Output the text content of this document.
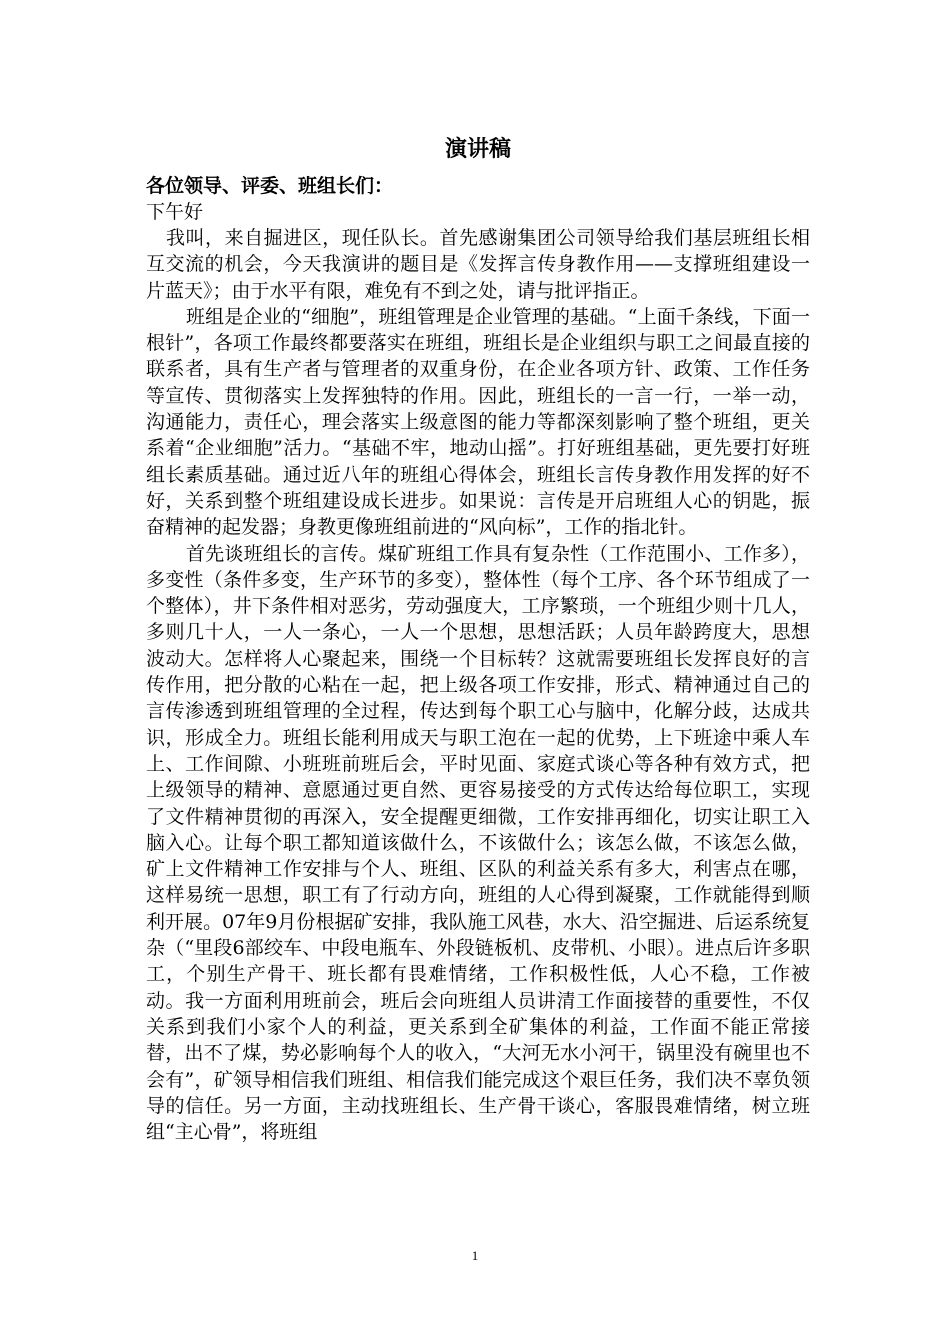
演讲稿

各位领导、评委、班组长们：

下午好

我叫，来自掘进区，现任队长。首先感谢集团公司领导给我们基层班组长相互交流的机会，今天我演讲的题目是《发挥言传身教作用——支撑班组建设一片蓝天》；由于水平有限，难免有不到之处，请与批评指正。

班组是企业的“细胞”，班组管理是企业管理的基础。“上面千条线，下面一根针”，各项工作最终都要落实在班组，班组长是企业组织与职工之间最直接的联系者，具有生产者与管理者的双重身份，在企业各项方针、政策、工作任务等宣传、贯彻落实上发挥独特的作用。因此，班组长的一言一行，一举一动，沟通能力，责任心，理会落实上级意图的能力等都深刻影响了整个班组，更关系着“企业细胞”活力。“基础不牢，地动山摇”。打好班组基础，更先要打好班组长素质基础。通过近八年的班组心得体会，班组长言传身教作用发挥的好不好，关系到整个班组建设成长进步。如果说：言传是开启班组人心的钥匙，振奋精神的起发器；身教更像班组前进的“风向标”，工作的指北针。

首先谈班组长的言传。煤矿班组工作具有复杂性（工作范围小、工作多），多变性（条件多变，生产环节的多变），整体性（每个工序、各个环节组成了一个整体），井下条件相对恶劣，劳动强度大，工序繁琐，一个班组少则十几人，多则几十人，一人一条心，一人一个思想，思想活跃；人员年龄跨度大，思想波动大。怎样将人心聚起来，围绕一个目标转？这就需要班组长发挥良好的言传作用，把分散的心粘在一起，把上级各项工作安排，形式、精神通过自己的言传渗透到班组管理的全过程，传达到每个职工心与脑中，化解分歧，达成共识，形成全力。班组长能利用成天与职工泡在一起的优势，上下班途中乘人车上、工作间隙、小班班前班后会，平时见面、家庭式谈心等各种有效方式，把上级领导的精神、意愿通过更自然、更容易接受的方式传达给每位职工，实现了文件精神贯彻的再深入，安全提醒更细微，工作安排再细化，切实让职工入脑入心。让每个职工都知道该做什么，不该做什么；该怎么做，不该怎么做，矿上文件精神工作安排与个人、班组、区队的利益关系有多大，利害点在哪，这样易统一思想，职工有了行动方向，班组的人心得到凝聚，工作就能得到顺利开展。07年9月份根据矿安排，我队施工风巷，水大、沿空掘进、后运系统复杂（“里段6部绞车、中段电瓶车、外段链板机、皮带机、小眼）。进点后许多职工，个别生产骨干、班长都有畏难情绪，工作积极性低，人心不稳，工作被动。我一方面利用班前会，班后会向班组人员讲清工作面接替的重要性，不仅关系到我们小家个人的利益，更关系到全矿集体的利益，工作面不能正常接替，出不了煤，势必影响每个人的收入，“大河无水小河干，锅里没有碗里也不会有”，矿领导相信我们班组、相信我们能完成这个艰巨任务，我们决不辜负领导的信任。另一方面，主动找班组长、生产骨干谈心，客服畏难情绪，树立班组“主心骨”，将班组

1
